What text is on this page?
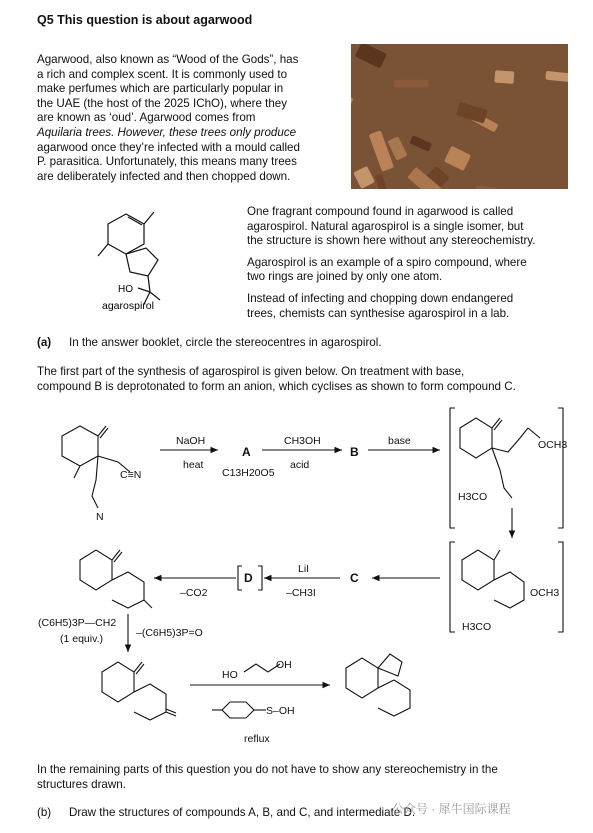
Q5 This question is about agarwood
Agarwood, also known as “Wood of the Gods”, has
a rich and complex scent. It is commonly used to
make perfumes which are particularly popular in
the UAE (the host of the 2025 IChO), where they
are known as ‘oud’. Agarwood comes from
Aquilaria trees. However, these trees only produce
agarwood once they’re infected with a mould called
P. parasitica. Unfortunately, this means many trees
are deliberately infected and then chopped down.
HO
agarospirol
One fragrant compound found in agarwood is called
agarospirol. Natural agarospirol is a single isomer, but
the structure is shown here without any stereochemistry.
Agarospirol is an example of a spiro compound, where
two rings are joined by only one atom.
Instead of infecting and chopping down endangered
trees, chemists can synthesise agarospirol in a lab.
(a) In the answer booklet, circle the stereocentres in agarospirol.
The first part of the synthesis of agarospirol is given below. On treatment with base,
compound B is deprotonated to form an anion, which cyclises as shown to form compound C.
C≡N
N
NaOH
heat
A
C13H20O5
CH3OH
acid
B
base	OCH3
H3CO
LiI
–CH3I
C
D
–CO2	OCH3
H3CO
(C6H5)3P—CH2
(1 equiv.)	–(C6H5)3P=O
HO
OH
S–OH
reflux
In the remaining parts of this question you do not have to show any stereochemistry in the
structures drawn.
(b) Draw the structures of compounds A, B, and C, and intermediate D.
公众号 · 犀牛国际课程
